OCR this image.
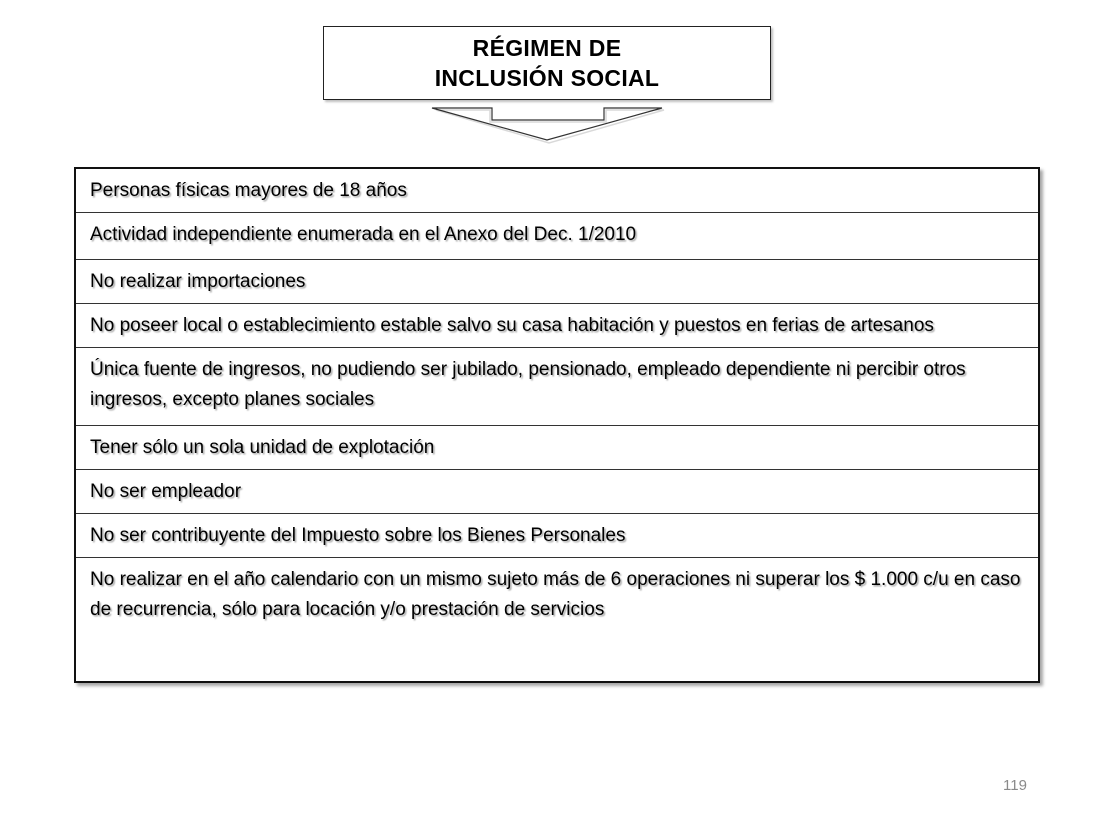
RÉGIMEN DE
INCLUSIÓN SOCIAL
Personas físicas mayores de 18 años
Actividad independiente enumerada en el Anexo del Dec. 1/2010
No realizar importaciones
No poseer local o establecimiento estable salvo su casa habitación y puestos en ferias de artesanos
Única fuente de ingresos, no pudiendo ser jubilado, pensionado, empleado dependiente ni percibir otros ingresos, excepto planes sociales
Tener sólo un sola unidad de explotación
No ser empleador
No ser contribuyente del Impuesto sobre los Bienes Personales
No realizar en el año calendario con un mismo sujeto más de 6 operaciones ni superar los $ 1.000 c/u en caso de recurrencia, sólo para locación y/o prestación de servicios
119
